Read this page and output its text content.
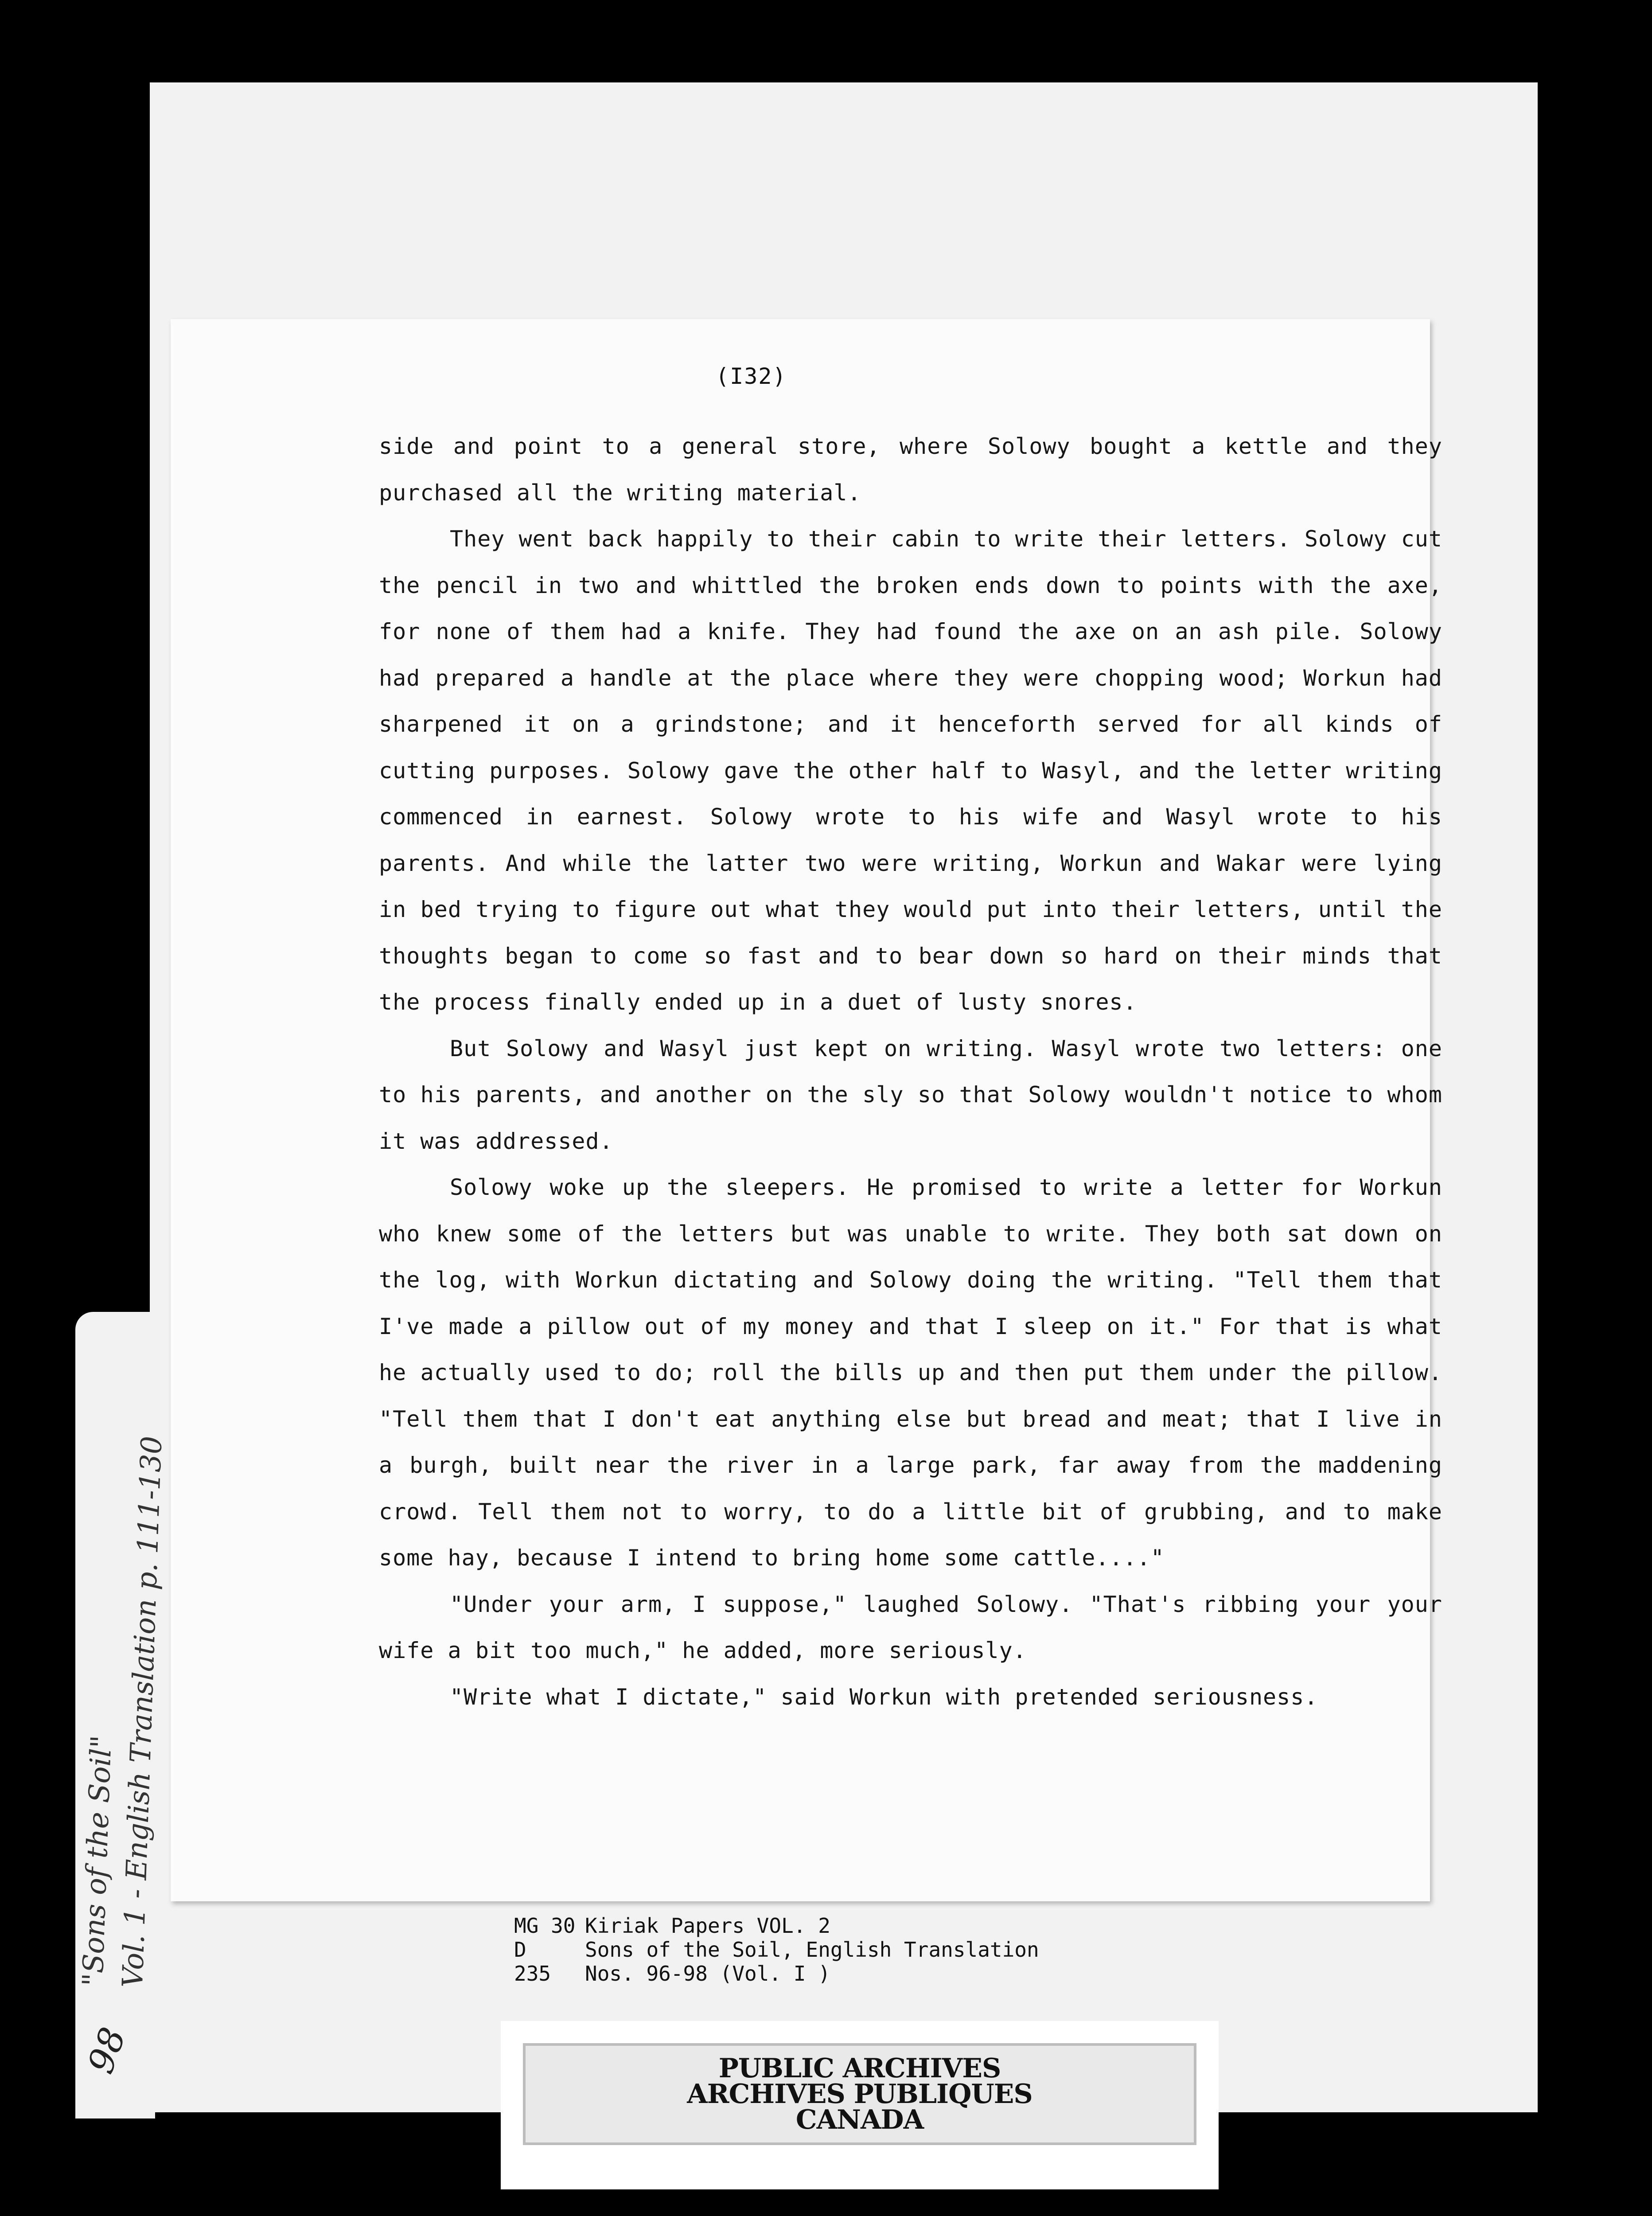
(I32)

side and point to a general store, where Solowy bought a kettle and they purchased all the writing material.

They went back happily to their cabin to write their letters. Solowy cut the pencil in two and whittled the broken ends down to points with the axe, for none of them had a knife. They had found the axe on an ash pile. Solowy had prepared a handle at the place where they were chopping wood; Workun had sharpened it on a grindstone; and it henceforth served for all kinds of cutting purposes. Solowy gave the other half to Wasyl, and the letter writing commenced in earnest. Solowy wrote to his wife and Wasyl wrote to his parents. And while the latter two were writing, Workun and Wakar were lying in bed trying to figure out what they would put into their letters, until the thoughts began to come so fast and to bear down so hard on their minds that the process finally ended up in a duet of lusty snores.

But Solowy and Wasyl just kept on writing. Wasyl wrote two letters: one to his parents, and another on the sly so that Solowy wouldn't notice to whom it was addressed.

Solowy woke up the sleepers. He promised to write a letter for Workun who knew some of the letters but was unable to write. They both sat down on the log, with Workun dictating and Solowy doing the writing. "Tell them that I've made a pillow out of my money and that I sleep on it." For that is what he actually used to do; roll the bills up and then put them under the pillow. "Tell them that I don't eat anything else but bread and meat; that I live in a burgh, built near the river in a large park, far away from the maddening crowd. Tell them not to worry, to do a little bit of grubbing, and to make some hay, because I intend to bring home some cattle...."

"Under your arm, I suppose," laughed Solowy. "That's ribbing your your wife a bit too much," he added, more seriously.

"Write what I dictate," said Workun with pretended seriousness.

"Sons of the Soil"
Vol. 1 - English Translation p. 111-130
98
MG 30 Kiriak Papers VOL. 2
D	Sons of the Soil, English Translation
235	Nos. 96-98 (Vol. I )
PUBLIC ARCHIVES
ARCHIVES PUBLIQUES
CANADA
